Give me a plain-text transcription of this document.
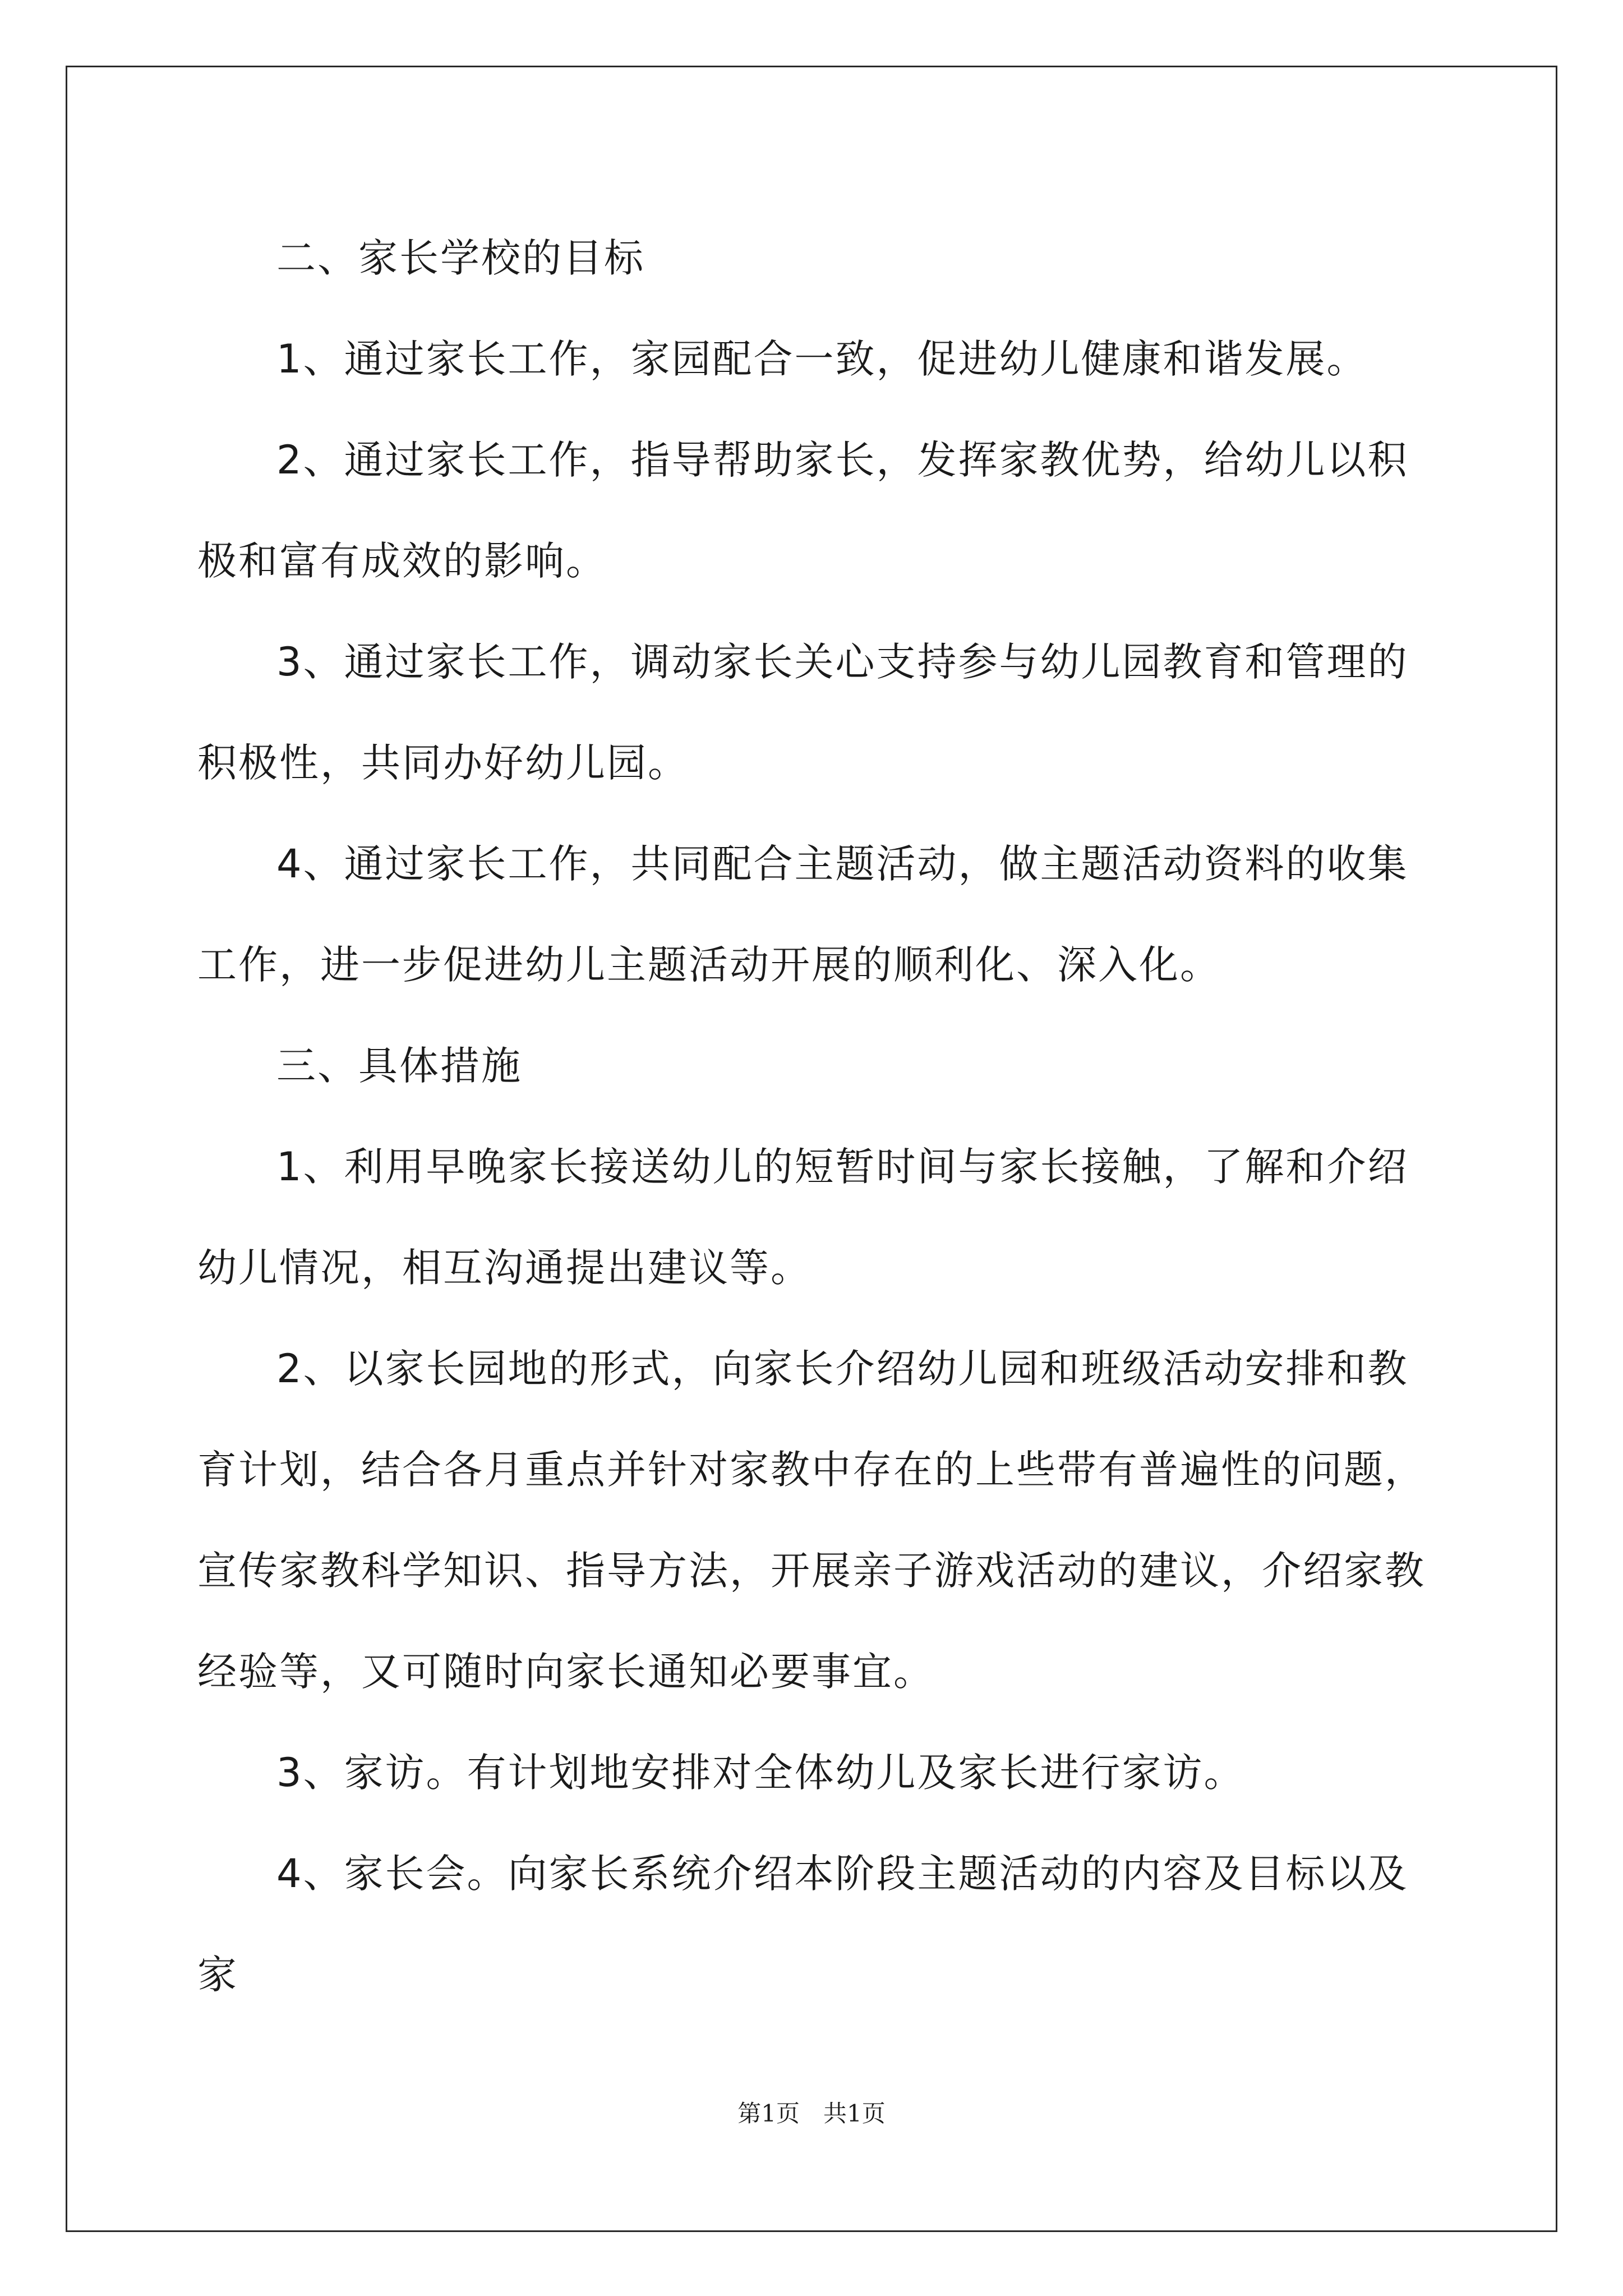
二、家长学校的目标

1、通过家长工作，家园配合一致，促进幼儿健康和谐发展。

2、通过家长工作，指导帮助家长，发挥家教优势，给幼儿以积极和富有成效的影响。

3、通过家长工作，调动家长关心支持参与幼儿园教育和管理的积极性，共同办好幼儿园。

4、通过家长工作，共同配合主题活动，做主题活动资料的收集工作，进一步促进幼儿主题活动开展的顺利化、深入化。

三、具体措施

1、利用早晚家长接送幼儿的短暂时间与家长接触，了解和介绍幼儿情况，相互沟通提出建议等。

2、以家长园地的形式，向家长介绍幼儿园和班级活动安排和教育计划，结合各月重点并针对家教中存在的上些带有普遍性的问题，宣传家教科学知识、指导方法，开展亲子游戏活动的建议，介绍家教经验等，又可随时向家长通知必要事宜。

3、家访。有计划地安排对全体幼儿及家长进行家访。

4、家长会。向家长系统介绍本阶段主题活动的内容及目标以及家

第1页　共1页
